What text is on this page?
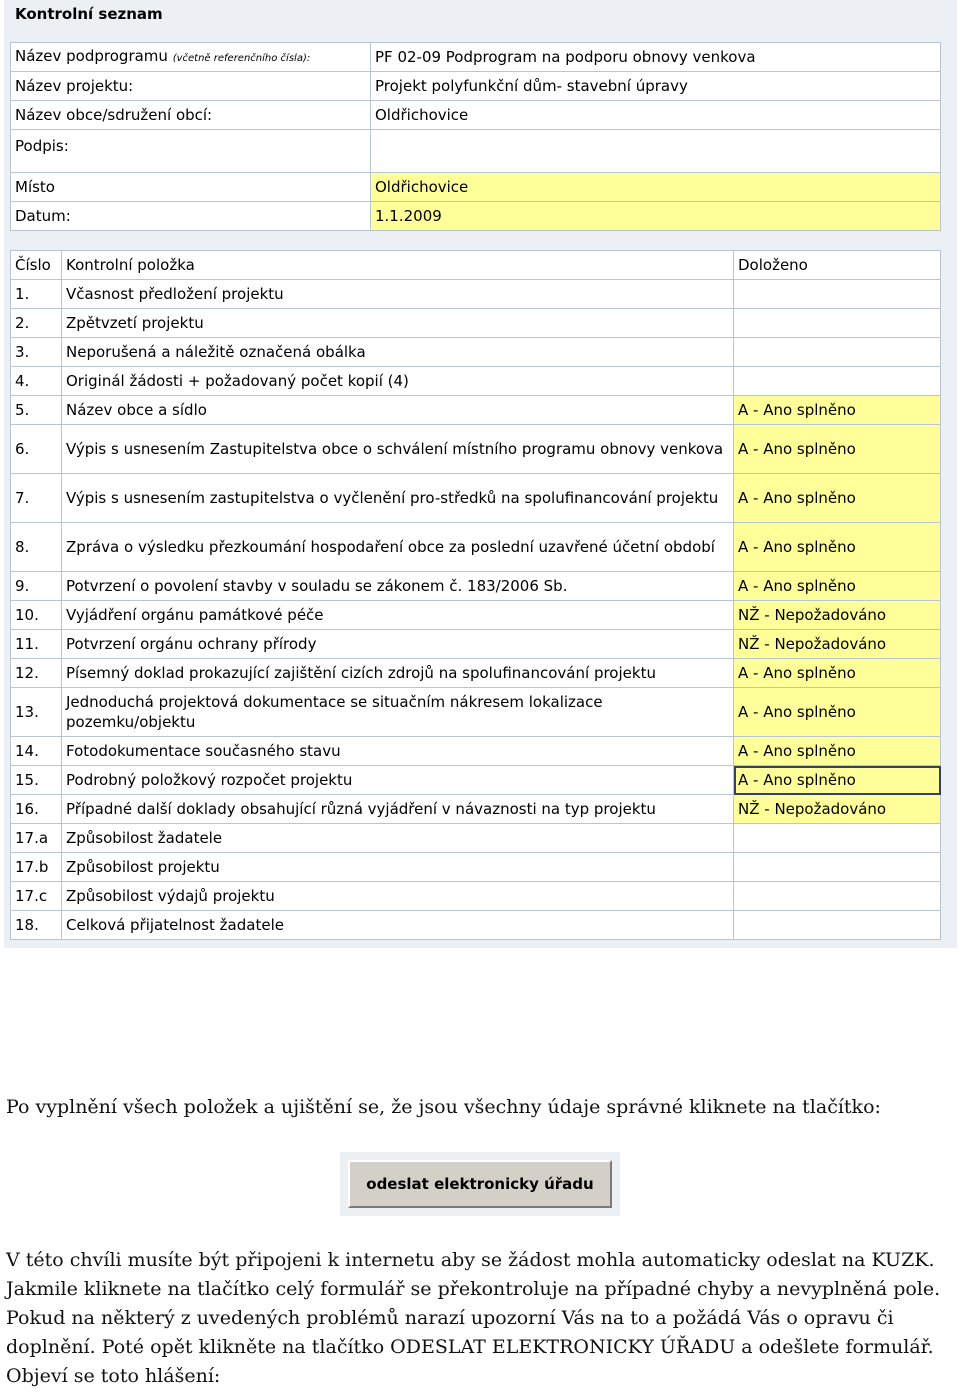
Kontrolní seznam
Název podprogramu (včetně referenčního čísla):	PF 02-09 Podprogram na podporu obnovy venkova
Název projektu:	Projekt polyfunkční dům- stavební úpravy
Název obce/sdružení obcí:	Oldřichovice
Podpis:	
Místo	Oldřichovice
Datum:	1.1.2009
Číslo	Kontrolní položka	Doloženo
1.	Včasnost předložení projektu	
2.	Zpětvzetí projektu	
3.	Neporušená a náležitě označená obálka	
4.	Originál žádosti + požadovaný počet kopií (4)	
5.	Název obce a sídlo	A - Ano splněno
6.	Výpis s usnesením Zastupitelstva obce o schválení místního programu obnovy venkova	A - Ano splněno
7.	Výpis s usnesením zastupitelstva o vyčlenění pro-středků na spolufinancování projektu	A - Ano splněno
8.	Zpráva o výsledku přezkoumání hospodaření obce za poslední uzavřené účetní období	A - Ano splněno
9.	Potvrzení o povolení stavby v souladu se zákonem č. 183/2006 Sb.	A - Ano splněno
10.	Vyjádření orgánu památkové péče	NŽ - Nepožadováno
11.	Potvrzení orgánu ochrany přírody	NŽ - Nepožadováno
12.	Písemný doklad prokazující zajištění cizích zdrojů na spolufinancování projektu	A - Ano splněno
13.	Jednoduchá projektová dokumentace se situačním nákresem lokalizace pozemku/objektu	A - Ano splněno
14.	Fotodokumentace současného stavu	A - Ano splněno
15.	Podrobný položkový rozpočet projektu	A - Ano splněno
16.	Případné další doklady obsahující různá vyjádření v návaznosti na typ projektu	NŽ - Nepožadováno
17.a	Způsobilost žadatele	
17.b	Způsobilost projektu	
17.c	Způsobilost výdajů projektu	
18.	Celková přijatelnost žadatele	
Po vyplnění všech položek a ujištění se, že jsou všechny údaje správné kliknete na tlačítko:
odeslat elektronicky úřadu
V této chvíli musíte být připojeni k internetu aby se žádost mohla automaticky odeslat na KUZK. Jakmile kliknete na tlačítko celý formulář se překontroluje na případné chyby a nevyplněná pole. Pokud na některý z uvedených problémů narazí upozorní Vás na to a požádá Vás o opravu či doplnění. Poté opět klikněte na tlačítko ODESLAT ELEKTRONICKY ÚŘADU a odešlete formulář. Objeví se toto hlášení:
